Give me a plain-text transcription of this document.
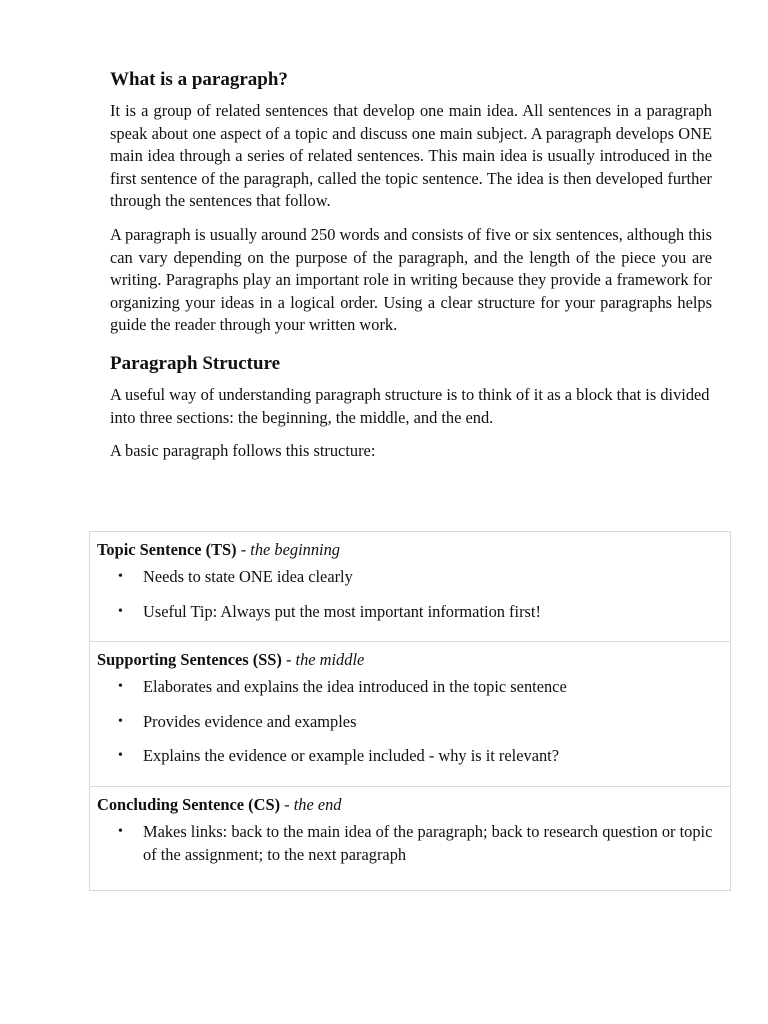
What is a paragraph?

It is a group of related sentences that develop one main idea. All sentences in a paragraph speak about one aspect of a topic and discuss one main subject. A paragraph develops ONE main idea through a series of related sentences. This main idea is usually introduced in the first sentence of the paragraph, called the topic sentence. The idea is then developed further through the sentences that follow.

A paragraph is usually around 250 words and consists of five or six sentences, although this can vary depending on the purpose of the paragraph, and the length of the piece you are writing. Paragraphs play an important role in writing because they provide a framework for organizing your ideas in a logical order. Using a clear structure for your paragraphs helps guide the reader through your written work.

Paragraph Structure

A useful way of understanding paragraph structure is to think of it as a block that is divided into three sections: the beginning, the middle, and the end.

A basic paragraph follows this structure:

Topic Sentence (TS) - the beginning
• Needs to state ONE idea clearly
• Useful Tip: Always put the most important information first!
Supporting Sentences (SS) - the middle
• Elaborates and explains the idea introduced in the topic sentence
• Provides evidence and examples
• Explains the evidence or example included - why is it relevant?
Concluding Sentence (CS) - the end
• Makes links: back to the main idea of the paragraph; back to research question or topic of the assignment; to the next paragraph
